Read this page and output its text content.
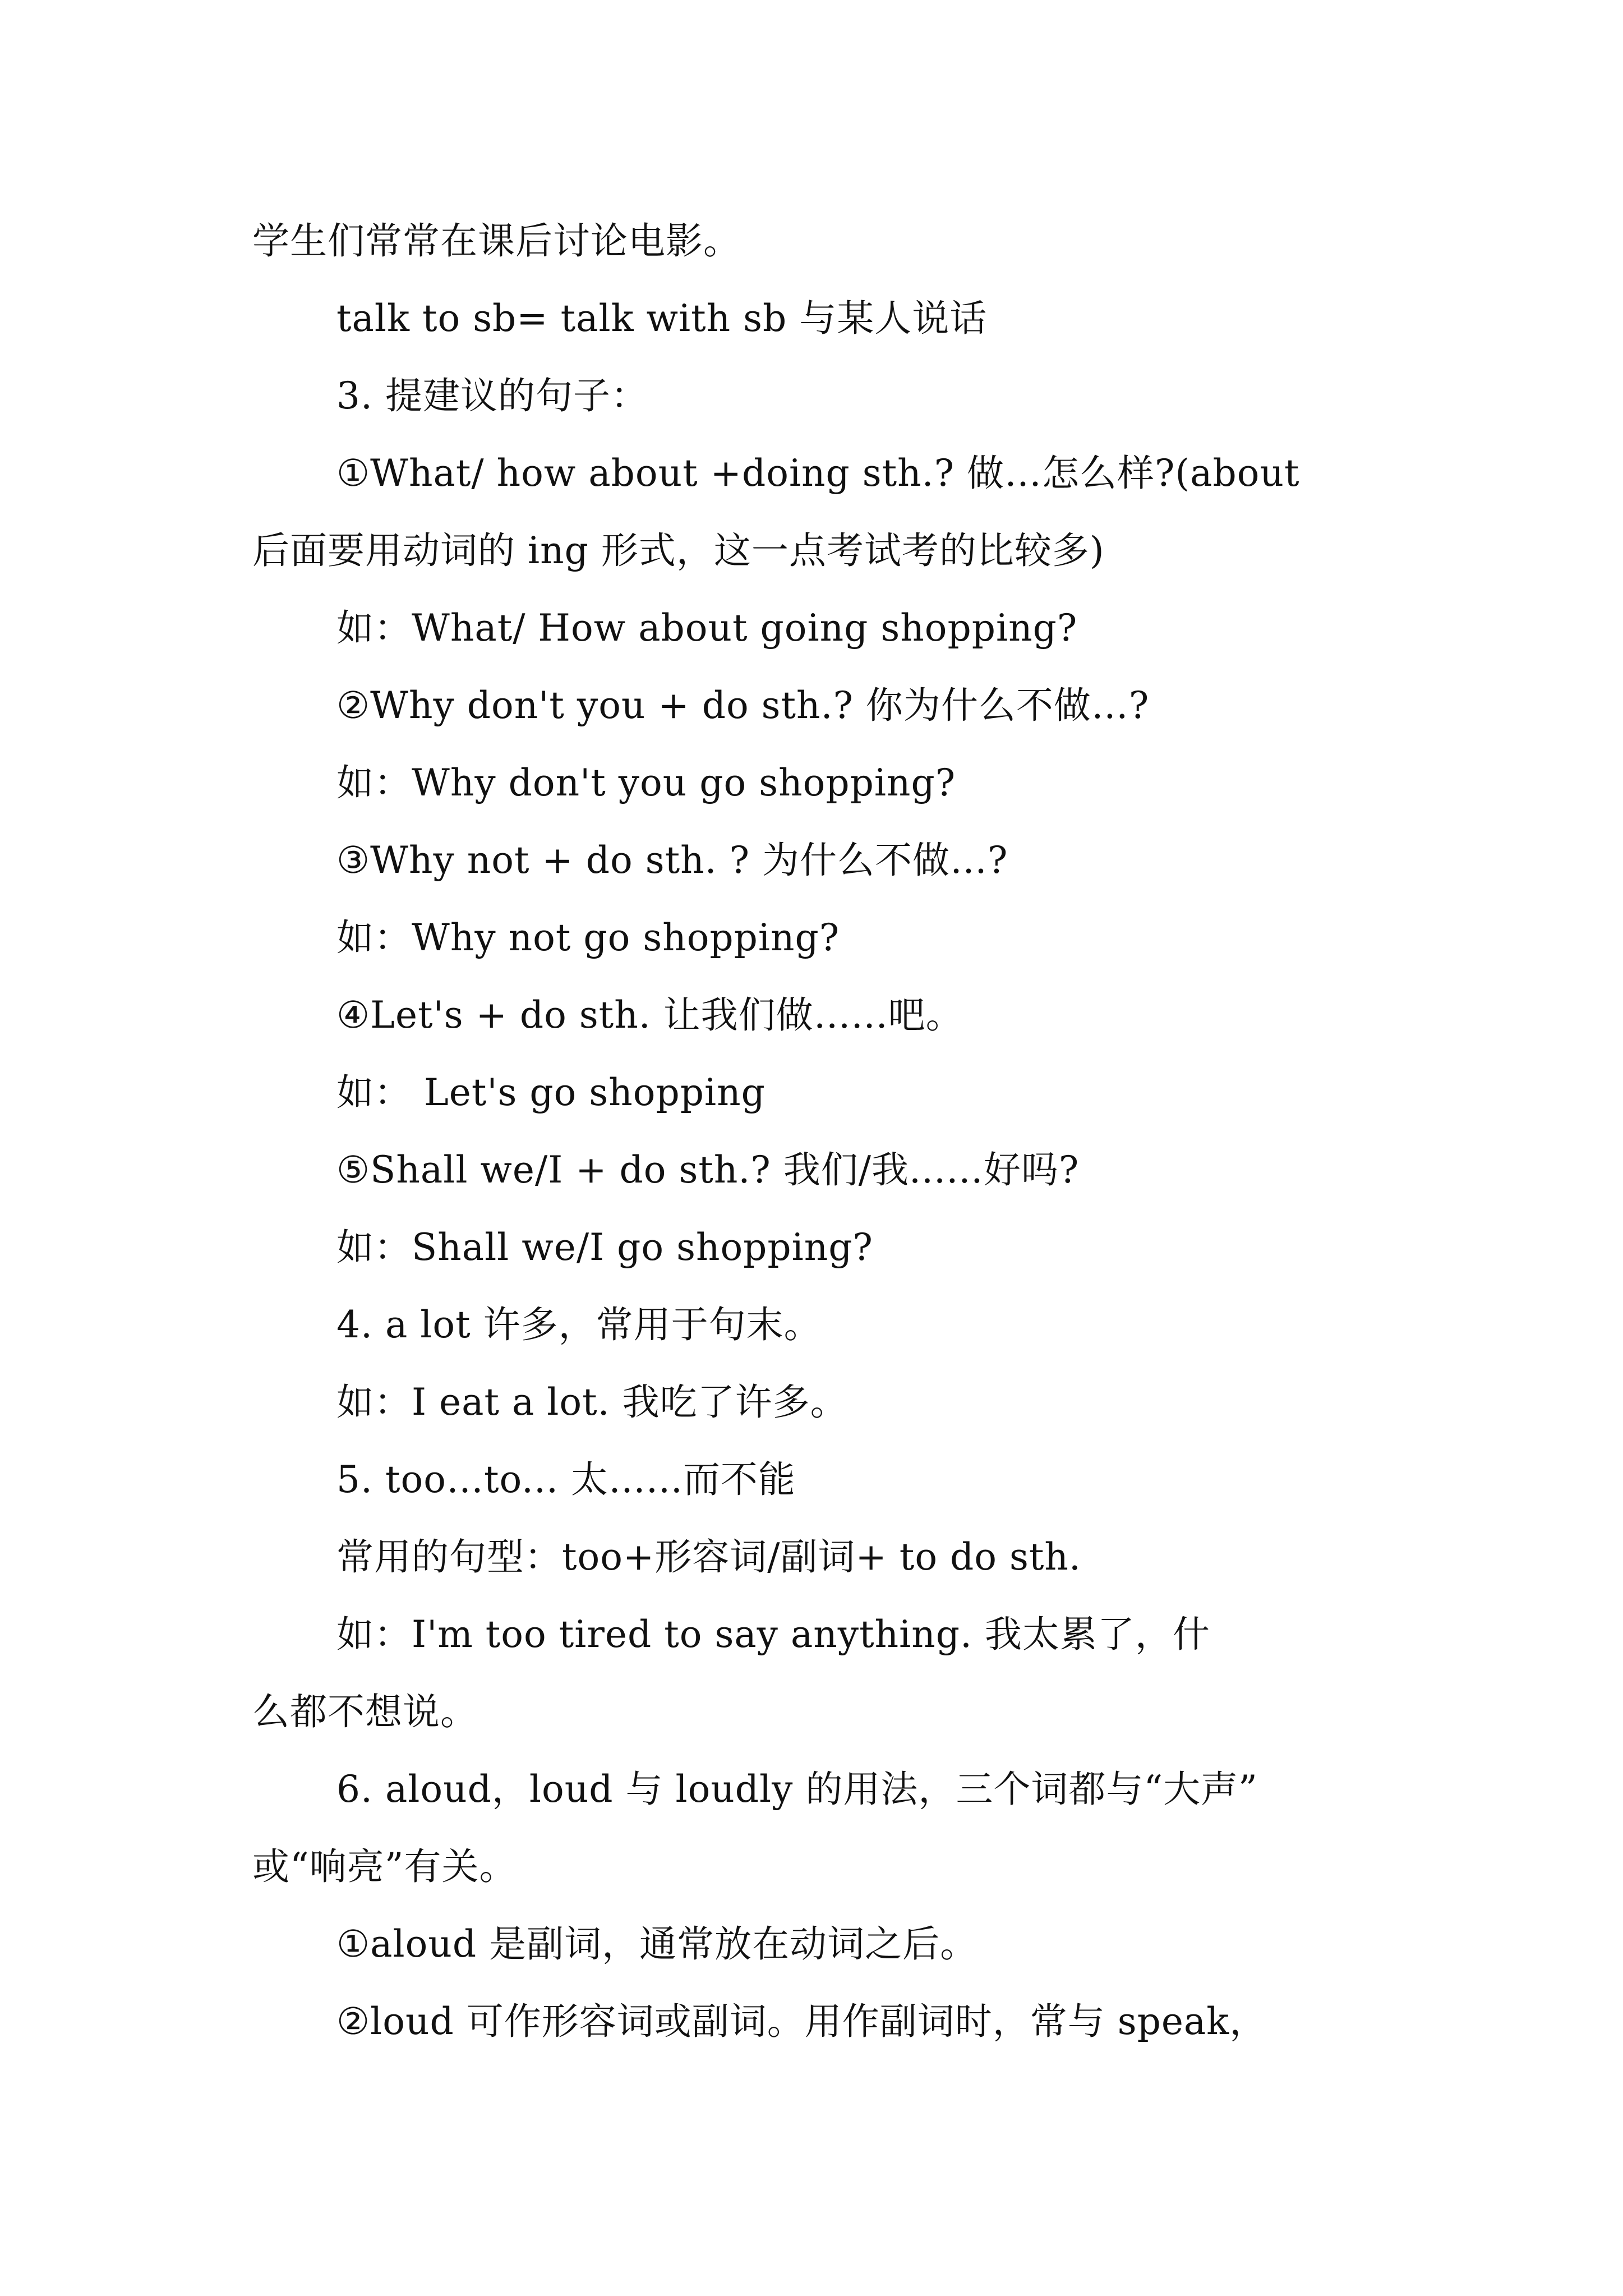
学生们常常在课后讨论电影。
talk to sb= talk with sb 与某人说话
3. 提建议的句子：
①What/ how about +doing sth.? 做…怎么样?(about
后面要用动词的 ing 形式，这一点考试考的比较多)
如：What/ How about going shopping?
②Why don't you + do sth.? 你为什么不做…?
如：Why don't you go shopping?
③Why not + do sth. ? 为什么不做…?
如：Why not go shopping?
④Let's + do sth. 让我们做…...吧。
如： Let's go shopping
⑤Shall we/I + do sth.? 我们/我...…好吗?
如：Shall we/I go shopping?
4. a lot 许多，常用于句末。
如：I eat a lot. 我吃了许多。
5. too…to... 太…...而不能
常用的句型：too+形容词/副词+ to do sth.
如：I'm too tired to say anything. 我太累了，什
么都不想说。
6. aloud，loud 与 loudly 的用法，三个词都与“大声”
或“响亮”有关。
①aloud 是副词，通常放在动词之后。
②loud 可作形容词或副词。用作副词时，常与 speak，
